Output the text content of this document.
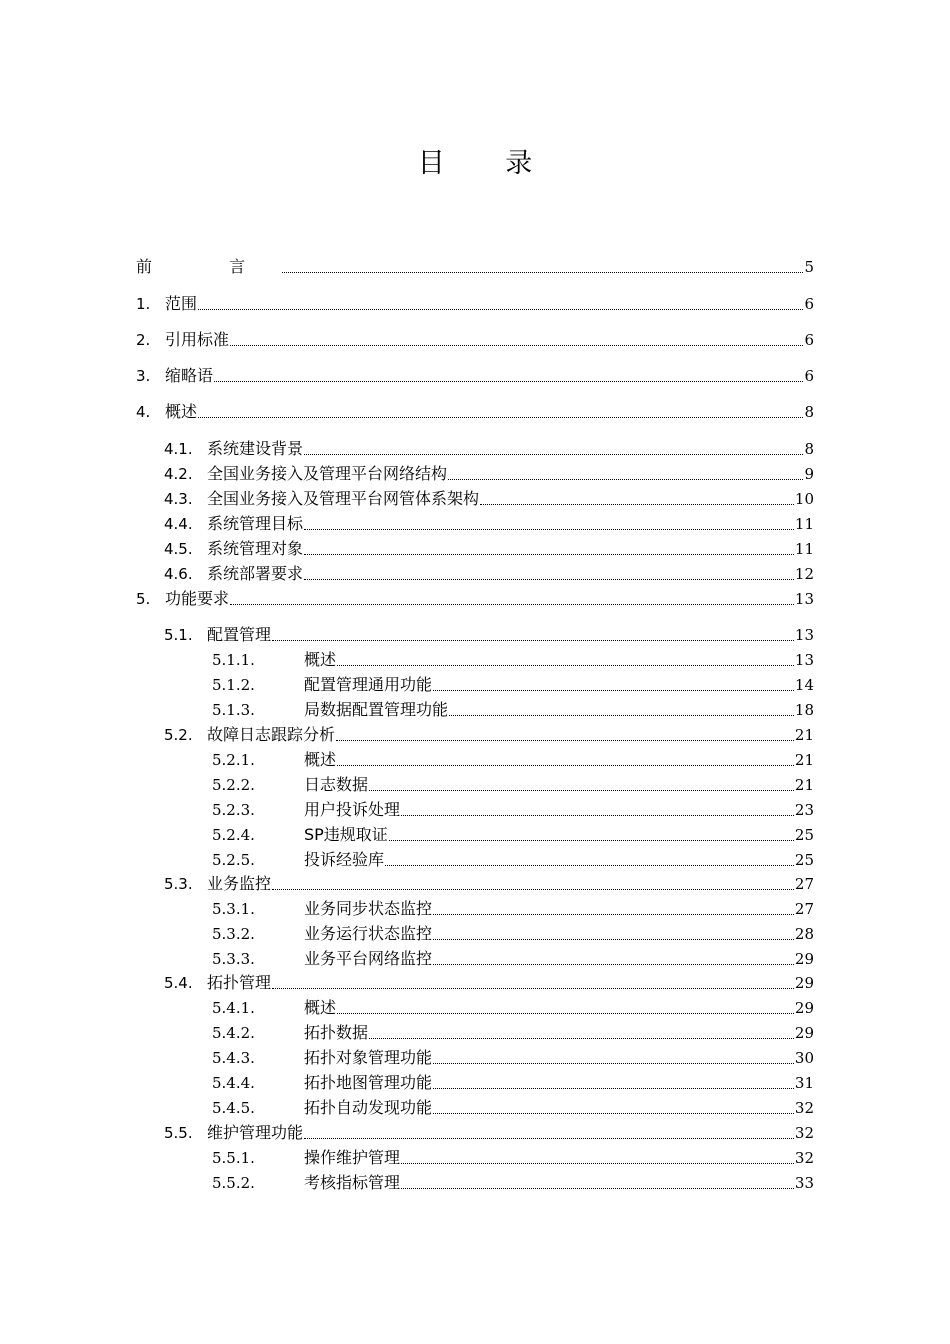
目 录
前 言	5
1. 范围	6
2. 引用标准	6
3. 缩略语	6
4. 概述	8
4.1. 系统建设背景	8
4.2. 全国业务接入及管理平台网络结构	9
4.3. 全国业务接入及管理平台网管体系架构	10
4.4. 系统管理目标	11
4.5. 系统管理对象	11
4.6. 系统部署要求	12
5. 功能要求	13
5.1. 配置管理	13
5.1.1.	概述	13
5.1.2.	配置管理通用功能	14
5.1.3.	局数据配置管理功能	18
5.2. 故障日志跟踪分析	21
5.2.1.	概述	21
5.2.2.	日志数据	21
5.2.3.	用户投诉处理	23
5.2.4.	SP违规取证	25
5.2.5.	投诉经验库	25
5.3. 业务监控	27
5.3.1.	业务同步状态监控	27
5.3.2.	业务运行状态监控	28
5.3.3.	业务平台网络监控	29
5.4. 拓扑管理	29
5.4.1.	概述	29
5.4.2.	拓扑数据	29
5.4.3.	拓扑对象管理功能	30
5.4.4.	拓扑地图管理功能	31
5.4.5.	拓扑自动发现功能	32
5.5. 维护管理功能	32
5.5.1.	操作维护管理	32
5.5.2.	考核指标管理	33
